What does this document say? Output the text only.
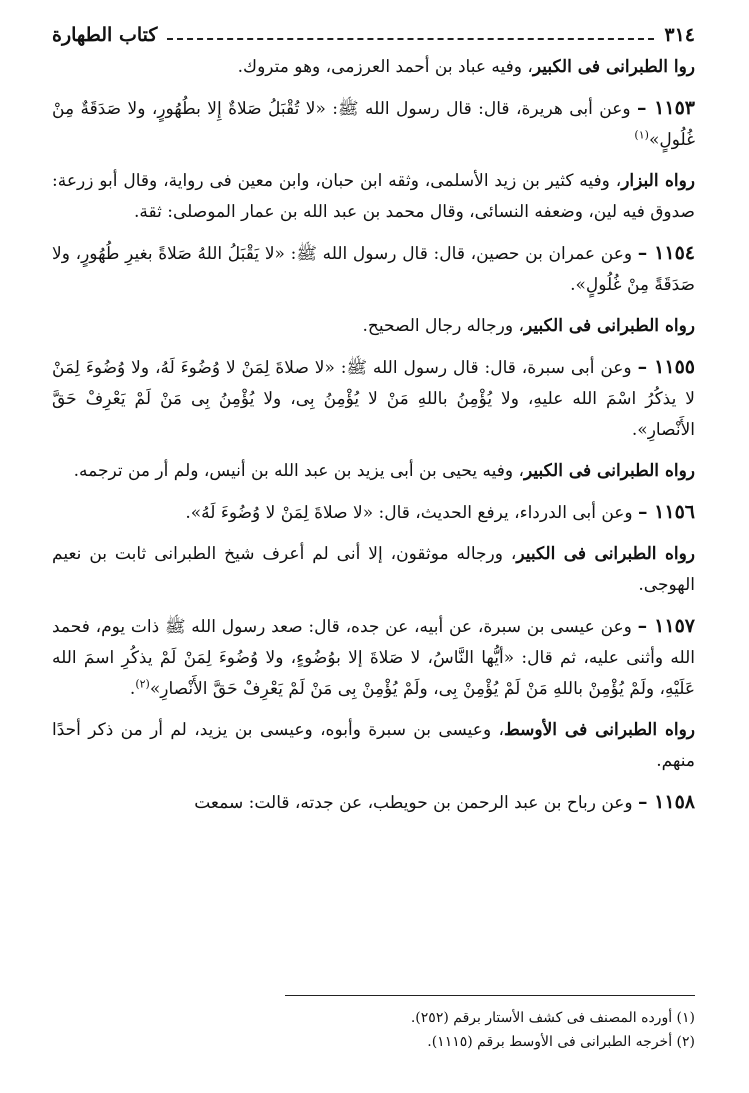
٣١٤
كتاب الطهارة

روا الطبرانى فى الكبير، وفيه عباد بن أحمد العرزمى، وهو متروك.

١١٥٣ – وعن أبى هريرة، قال: قال رسول الله ﷺ: «لا تُقْبَلُ صَلاةٌ إِلا بطُهُورٍ، ولا صَدَقَةٌ مِنْ غُلُولٍ»$^{(١)}$

رواه البزار، وفيه كثير بن زيد الأسلمى، وثقه ابن حبان، وابن معين فى رواية، وقال أبو زرعة: صدوق فيه لين، وضعفه النسائى، وقال محمد بن عبد الله بن عمار الموصلى: ثقة.

١١٥٤ – وعن عمران بن حصين، قال: قال رسول الله ﷺ: «لا يَقْبَلُ اللهُ صَلاةً بغيرِ طُهُورٍ، ولا صَدَقَةً مِنْ غُلُولٍ».

رواه الطبرانى فى الكبير، ورجاله رجال الصحيح.

١١٥٥ – وعن أبى سبرة، قال: قال رسول الله ﷺ: «لا صلاةَ لِمَنْ لا وُضُوءَ لَهُ، ولا وُضُوءَ لِمَنْ لا يذكُرُ اسْمَ الله عليهِ، ولا يُؤْمِنُ باللهِ مَنْ لا يُؤْمِنُ بِى، ولا يُؤْمِنُ بِى مَنْ لَمْ يَعْرِفْ حَقَّ الأَنْصارِ».

رواه الطبرانى فى الكبير، وفيه يحيى بن أبى يزيد بن عبد الله بن أنيس، ولم أر من ترجمه.

١١٥٦ – وعن أبى الدرداء، يرفع الحديث، قال: «لا صلاةَ لِمَنْ لا وُضُوءَ لَهُ».

رواه الطبرانى فى الكبير، ورجاله موثقون، إلا أنى لم أعرف شيخ الطبرانى ثابت بن نعيم الهوجى.

١١٥٧ – وعن عيسى بن سبرة، عن أبيه، عن جده، قال: صعد رسول الله ﷺ ذات يوم، فحمد الله وأثنى عليه، ثم قال: «أيُّها النَّاسُ، لا صَلاةَ إلا بوُضُوءٍ، ولا وُضُوءَ لِمَنْ لَمْ يذكُرِ اسمَ الله عَلَيْهِ، ولَمْ يُؤْمِنْ باللهِ مَنْ لَمْ يُؤْمِنْ بِى، ولَمْ يُؤْمِنْ بِى مَنْ لَمْ يَعْرِفْ حَقَّ الأَنْصارِ»$^{(٢)}$.

رواه الطبرانى فى الأوسط، وعيسى بن سبرة وأبوه، وعيسى بن يزيد، لم أر من ذكر أحدًا منهم.

١١٥٨ – وعن رباح بن عبد الرحمن بن حويطب، عن جدته، قالت: سمعت

(١) أورده المصنف فى كشف الأستار برقم (٢٥٢).
(٢) أخرجه الطبرانى فى الأوسط برقم (١١١٥).
